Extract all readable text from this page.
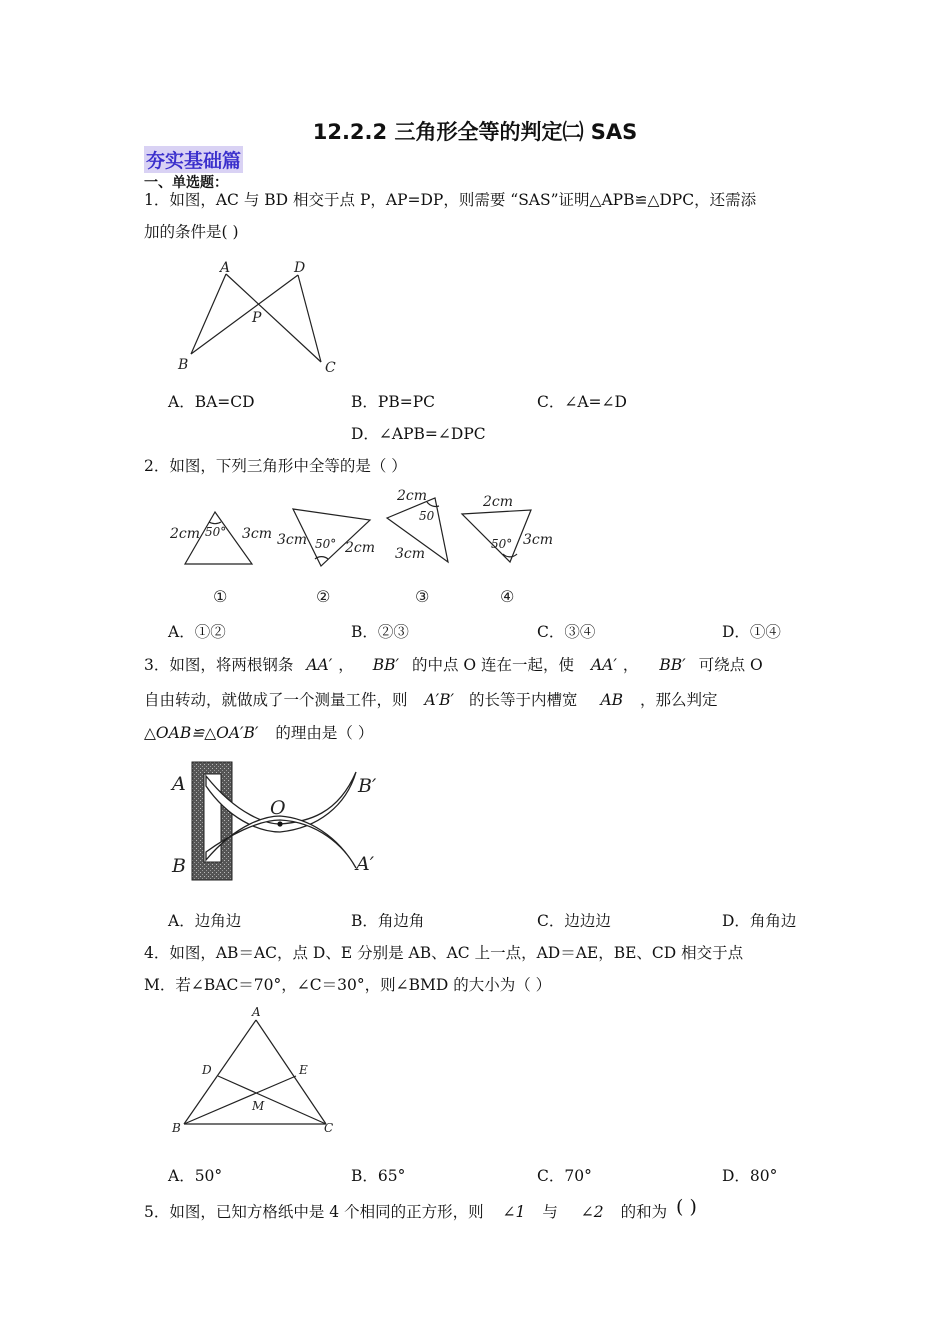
12.2.2 三角形全等的判定㈡ SAS
夯实基础篇
一、单选题：
1．如图，AC 与 BD 相交于点 P，AP=DP，则需要 “SAS”证明△APB≌△DPC，还需添
加的条件是( )
A	D
P
B	C
A．BA=CD	B．PB=PC	C．∠A=∠D
D．∠APB=∠DPC
2．如图，下列三角形中全等的是（ ）
2cm 50° 3cm 3cm 50° 2cm
2cm
50
3cm
2cm
50° 3cm
①	②	③	④
A．①②	B．②③	C．③④	D．①④
3．如图，将两根钢条 AA′ ， BB′ 的中点 O 连在一起，使 AA′ ， BB′ 可绕点 O
自由转动，就做成了一个测量工件，则 A′B′ 的长等于内槽宽 AB ，那么判定
△OAB≌△OA′B′ 的理由是（ ）
A
B
O
B′
A′
A．边角边	B．角边角	C．边边边	D．角角边
4．如图，AB＝AC，点 D、E 分别是 AB、AC 上一点，AD＝AE，BE、CD 相交于点
M．若∠BAC＝70°，∠C＝30°，则∠BMD 的大小为（ ）
A
D	E
M
B	C
A．50°	B．65°	C．70°	D．80°
5．如图，已知方格纸中是 4 个相同的正方形，则 ∠1 与 ∠2 的和为 ( )
